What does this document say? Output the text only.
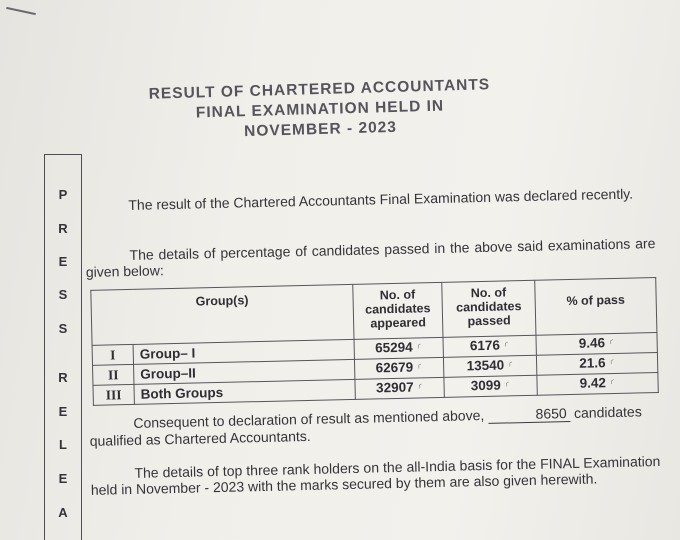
RESULT OF CHARTERED ACCOUNTANTS
FINAL EXAMINATION HELD IN
NOVEMBER - 2023
P
R
E
S
S
R
E
L
E
A
The result of the Chartered Accountants Final Examination was declared recently.
The details of percentage of candidates passed in the above said examinations are given below:
Group(s)		No. of candidates appeared	No. of candidates passed	% of pass
I	Group– I	65294 ⸂	6176 ⸂	9.46 ⸂
II	Group–II	62679 ⸂	13540 ⸂	21.6 ⸂
III	Both Groups	32907 ⸂	3099 ⸂	9.42 ⸂
Consequent to declaration of result as mentioned above,	8650 candidates qualified as Chartered Accountants.
The details of top three rank holders on the all-India basis for the FINAL Examination held in November - 2023 with the marks secured by them are also given herewith.
